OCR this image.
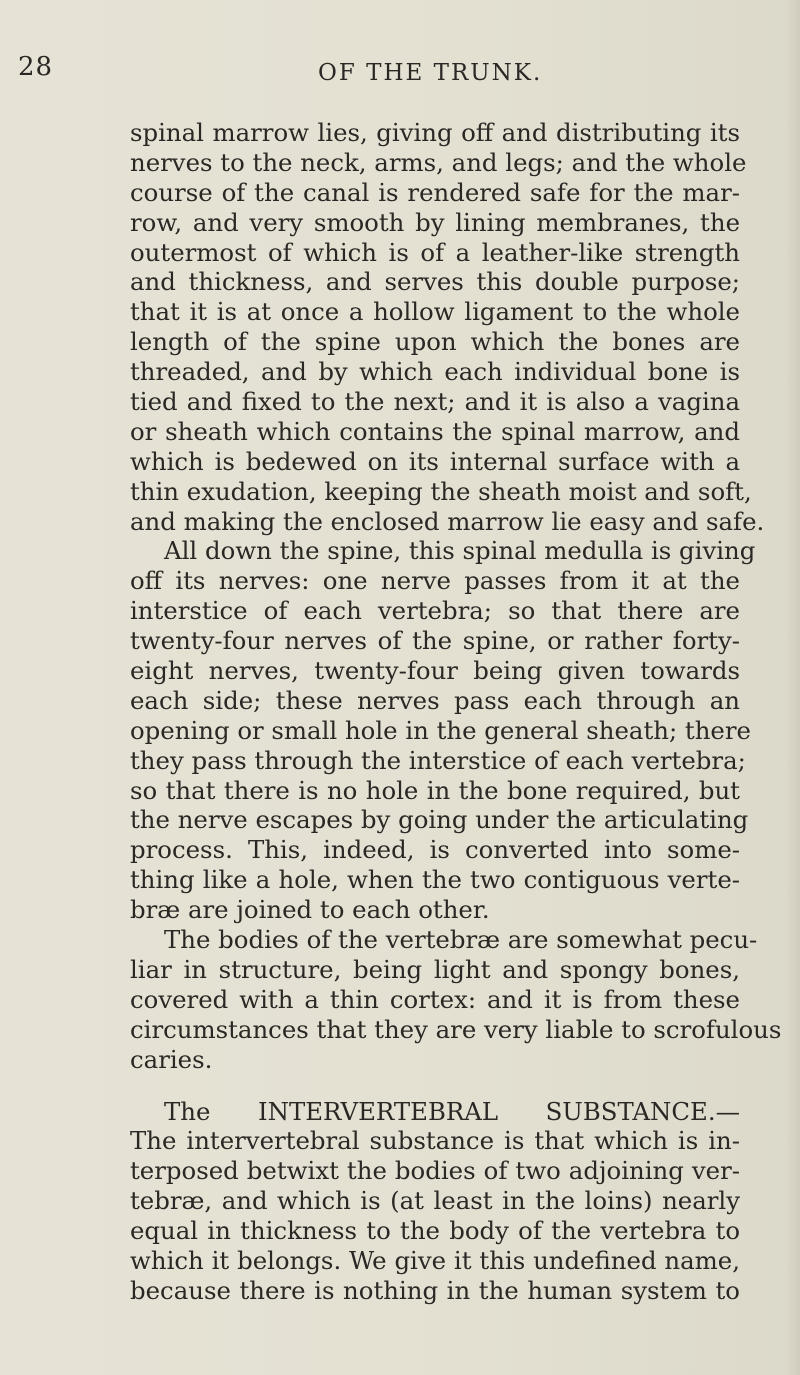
28	OF THE TRUNK.

spinal marrow lies, giving off and distributing its
nerves to the neck, arms, and legs; and the whole
course of the canal is rendered safe for the mar-
row, and very smooth by lining membranes, the
outermost of which is of a leather-like strength
and thickness, and serves this double purpose;
that it is at once a hollow ligament to the whole
length of the spine upon which the bones are
threaded, and by which each individual bone is
tied and fixed to the next; and it is also a vagina
or sheath which contains the spinal marrow, and
which is bedewed on its internal surface with a
thin exudation, keeping the sheath moist and soft,
and making the enclosed marrow lie easy and safe.

All down the spine, this spinal medulla is giving
off its nerves: one nerve passes from it at the
interstice of each vertebra; so that there are
twenty-four nerves of the spine, or rather forty-
eight nerves, twenty-four being given towards
each side; these nerves pass each through an
opening or small hole in the general sheath; there
they pass through the interstice of each vertebra;
so that there is no hole in the bone required, but
the nerve escapes by going under the articulating
process. This, indeed, is converted into some-
thing like a hole, when the two contiguous verte-
bræ are joined to each other.

The bodies of the vertebræ are somewhat pecu-
liar in structure, being light and spongy bones,
covered with a thin cortex: and it is from these
circumstances that they are very liable to scrofulous
caries.

The INTERVERTEBRAL SUBSTANCE.—
The intervertebral substance is that which is in-
terposed betwixt the bodies of two adjoining ver-
tebræ, and which is (at least in the loins) nearly
equal in thickness to the body of the vertebra to
which it belongs. We give it this undefined name,
because there is nothing in the human system to
